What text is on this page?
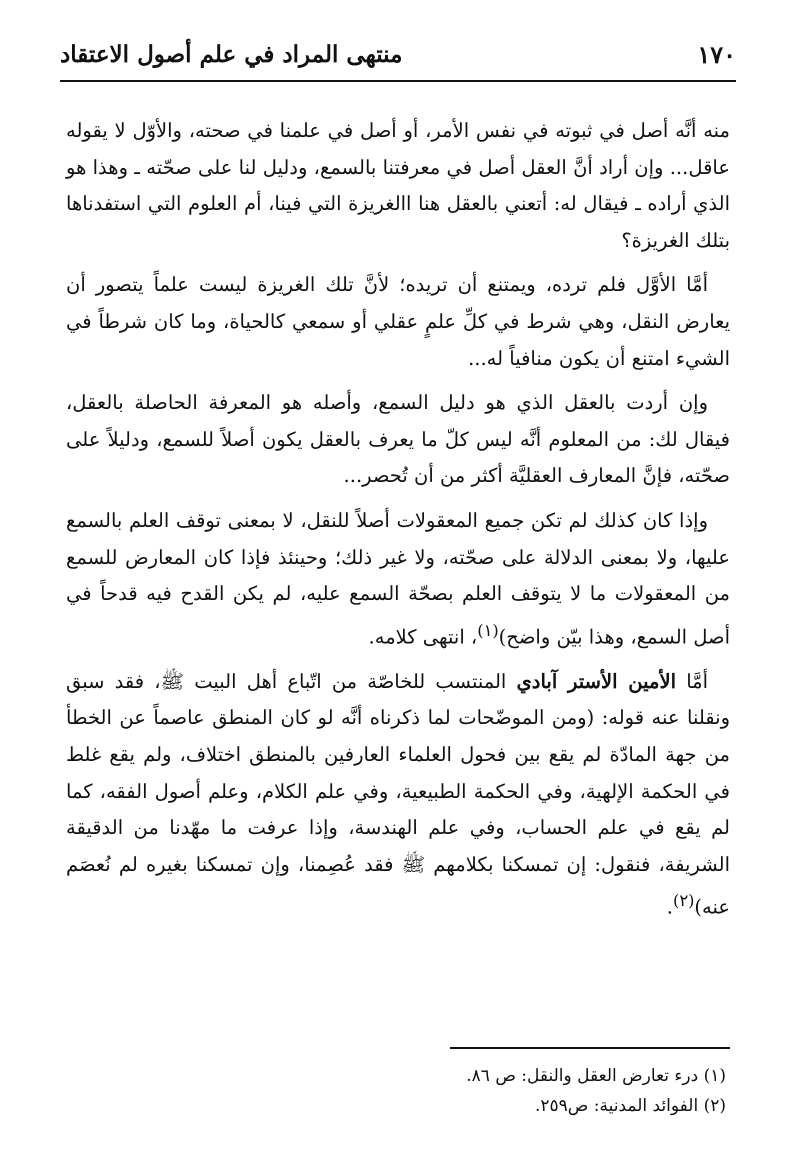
١٧٠
منتهى المراد في علم أصول الاعتقاد

منه أنَّه أصل في ثبوته في نفس الأمر، أو أصل في علمنا في صحته، والأوّل لا يقوله عاقل... وإن أراد أنَّ العقل أصل في معرفتنا بالسمع، ودليل لنا على صحّته ـ وهذا هو الذي أراده ـ فيقال له: أتعني بالعقل هنا االغريزة التي فينا، أم العلوم التي استفدناها بتلك الغريزة؟

أمَّا الأوَّل فلم ترده، ويمتنع أن تريده؛ لأنَّ تلك الغريزة ليست علماً يتصور أن يعارض النقل، وهي شرط في كلِّ علمٍ عقلي أو سمعي كالحياة، وما كان شرطاً في الشيء امتنع أن يكون منافياً له...

وإن أردت بالعقل الذي هو دليل السمع، وأصله هو المعرفة الحاصلة بالعقل، فيقال لك: من المعلوم أنَّه ليس كلّ ما يعرف بالعقل يكون أصلاً للسمع، ودليلاً على صحّته، فإنَّ المعارف العقليَّة أكثر من أن تُحصر...

وإذا كان كذلك لم تكن جميع المعقولات أصلاً للنقل، لا بمعنى توقف العلم بالسمع عليها، ولا بمعنى الدلالة على صحّته، ولا غير ذلك؛ وحينئذ فإذا كان المعارض للسمع من المعقولات ما لا يتوقف العلم بصحّة السمع عليه، لم يكن القدح فيه قدحاً في أصل السمع، وهذا بيّن واضح)$^{(١)}$، انتهى كلامه.

أمَّا الأمين الأستر آبادي المنتسب للخاصّة من اتّباع أهل البيت ﷺ، فقد سبق ونقلنا عنه قوله: (ومن الموضّحات لما ذكرناه أنَّه لو كان المنطق عاصماً عن الخطأ من جهة المادّة لم يقع بين فحول العلماء العارفين بالمنطق اختلاف، ولم يقع غلط في الحكمة الإلهية، وفي الحكمة الطبيعية، وفي علم الكلام، وعلم أصول الفقه، كما لم يقع في علم الحساب، وفي علم الهندسة، وإذا عرفت ما مهّدنا من الدقيقة الشريفة، فنقول: إن تمسكنا بكلامهم ﷺ فقد عُصِمنا، وإن تمسكنا بغيره لم نُعصَم عنه)$^{(٢)}$.

(١) درء تعارض العقل والنقل: ص ٨٦.

(٢) الفوائد المدنية: ص٢٥٩.
